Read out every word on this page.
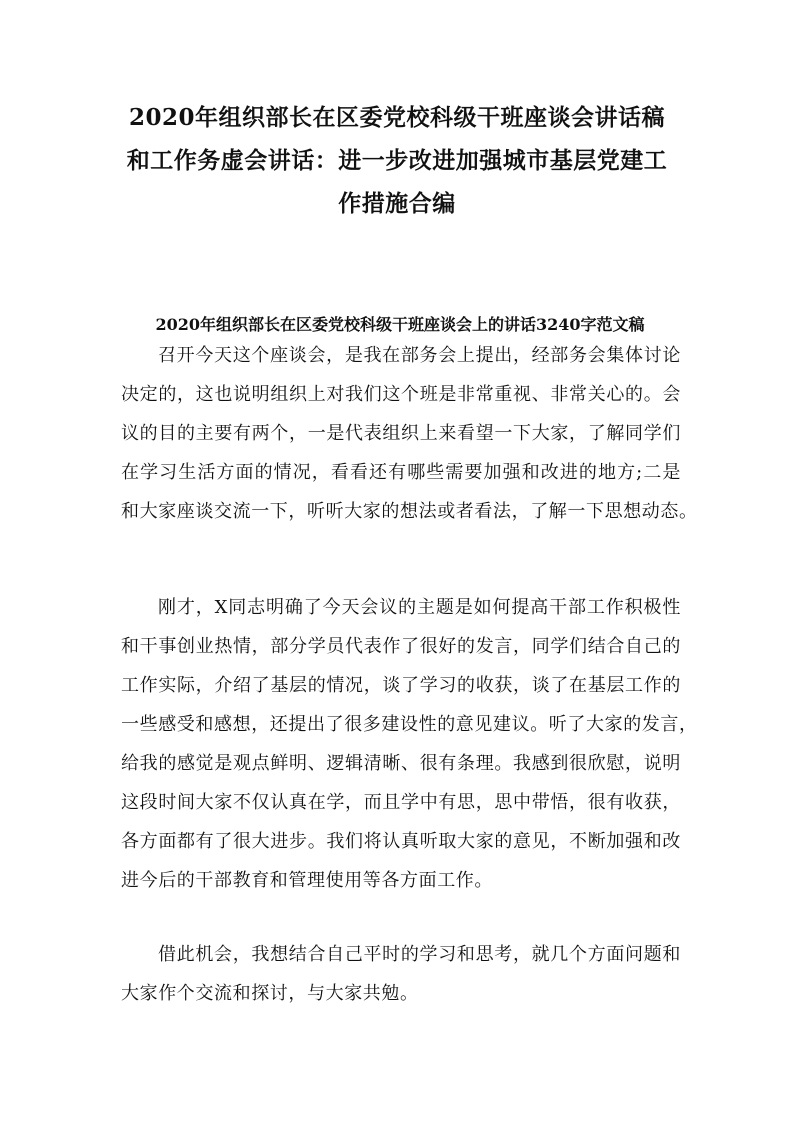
2020年组织部长在区委党校科级干班座谈会讲话稿
和工作务虚会讲话：进一步改进加强城市基层党建工
作措施合编
2020年组织部长在区委党校科级干班座谈会上的讲话3240字范文稿
召开今天这个座谈会，是我在部务会上提出，经部务会集体讨论
决定的，这也说明组织上对我们这个班是非常重视、非常关心的。会
议的目的主要有两个，一是代表组织上来看望一下大家，了解同学们
在学习生活方面的情况，看看还有哪些需要加强和改进的地方;二是
和大家座谈交流一下，听听大家的想法或者看法，了解一下思想动态。
刚才，X同志明确了今天会议的主题是如何提高干部工作积极性
和干事创业热情，部分学员代表作了很好的发言，同学们结合自己的
工作实际，介绍了基层的情况，谈了学习的收获，谈了在基层工作的
一些感受和感想，还提出了很多建设性的意见建议。听了大家的发言，
给我的感觉是观点鲜明、逻辑清晰、很有条理。我感到很欣慰，说明
这段时间大家不仅认真在学，而且学中有思，思中带悟，很有收获，
各方面都有了很大进步。我们将认真听取大家的意见，不断加强和改
进今后的干部教育和管理使用等各方面工作。
借此机会，我想结合自己平时的学习和思考，就几个方面问题和
大家作个交流和探讨，与大家共勉。
